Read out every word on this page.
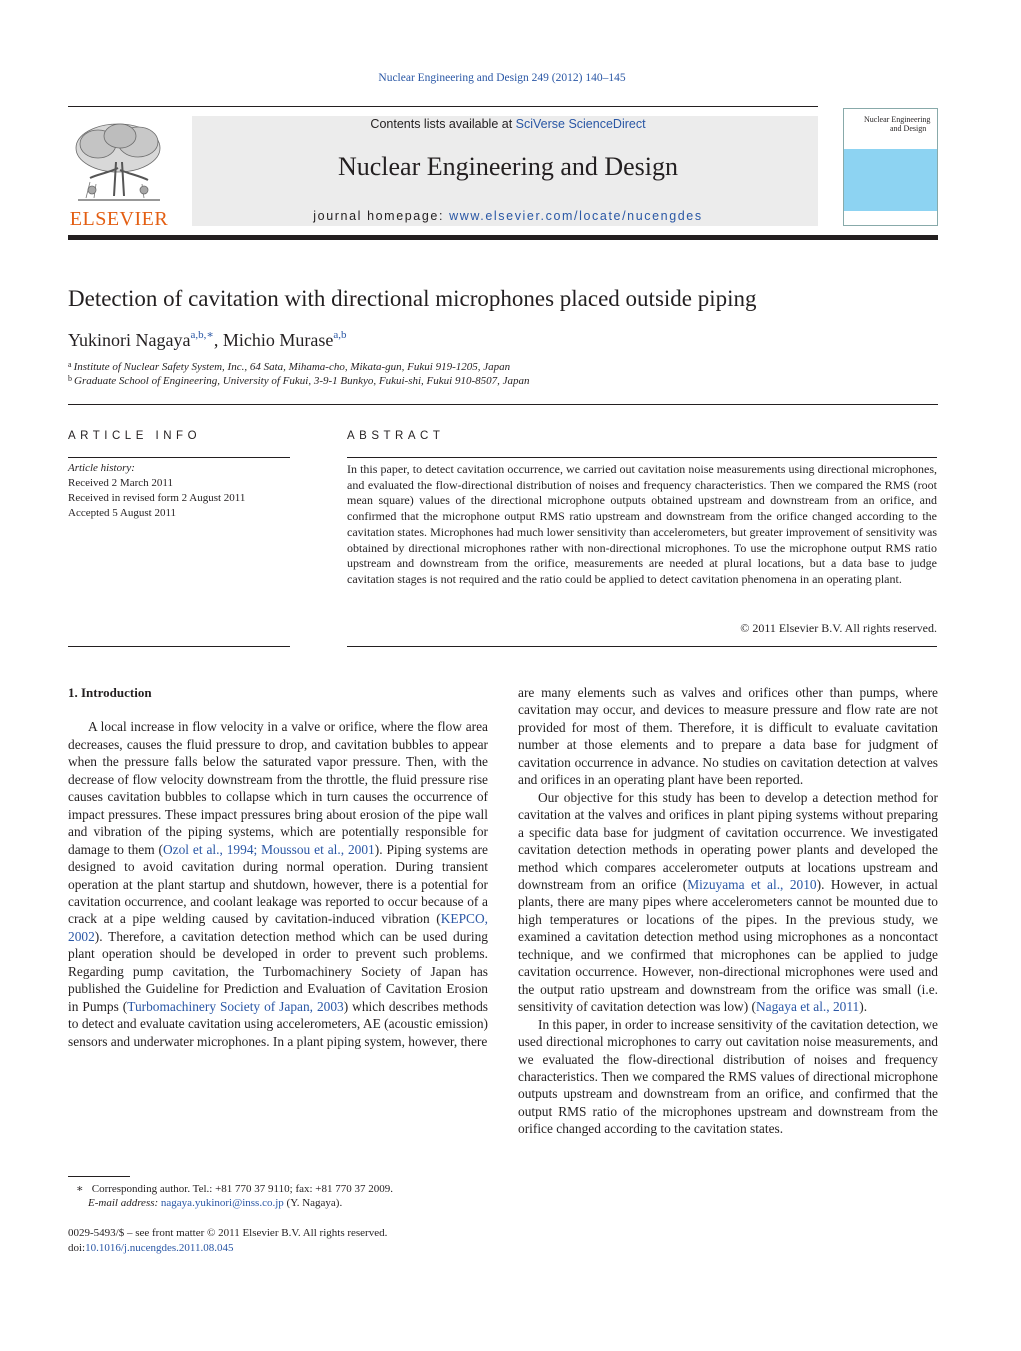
Nuclear Engineering and Design 249 (2012) 140–145
ELSEVIER
Contents lists available at SciVerse ScienceDirect
Nuclear Engineering and Design
journal homepage: www.elsevier.com/locate/nucengdes
Nuclear Engineering
and Design
Detection of cavitation with directional microphones placed outside piping
Yukinori Nagaya$^{a,b,∗}$, Michio Murase$^{a,b}$
$^a$ Institute of Nuclear Safety System, Inc., 64 Sata, Mihama-cho, Mikata-gun, Fukui 919-1205, Japan
$^b$ Graduate School of Engineering, University of Fukui, 3-9-1 Bunkyo, Fukui-shi, Fukui 910-8507, Japan
ARTICLE INFO
Article history:
Received 2 March 2011
Received in revised form 2 August 2011
Accepted 5 August 2011
ABSTRACT
In this paper, to detect cavitation occurrence, we carried out cavitation noise measurements using directional microphones, and evaluated the flow-directional distribution of noises and frequency characteristics. Then we compared the RMS (root mean square) values of the directional microphone outputs obtained upstream and downstream from an orifice, and confirmed that the microphone output RMS ratio upstream and downstream from the orifice changed according to the cavitation states. Microphones had much lower sensitivity than accelerometers, but greater improvement of sensitivity was obtained by directional microphones rather with non-directional microphones. To use the microphone output RMS ratio upstream and downstream from the orifice, measurements are needed at plural locations, but a data base to judge cavitation stages is not required and the ratio could be applied to detect cavitation phenomena in an operating plant.
© 2011 Elsevier B.V. All rights reserved.

1. Introduction

A local increase in flow velocity in a valve or orifice, where the flow area decreases, causes the fluid pressure to drop, and cavitation bubbles to appear when the pressure falls below the saturated vapor pressure. Then, with the decrease of flow velocity downstream from the throttle, the fluid pressure rise causes cavitation bubbles to collapse which in turn causes the occurrence of impact pressures. These impact pressures bring about erosion of the pipe wall and vibration of the piping systems, which are potentially responsible for damage to them (Ozol et al., 1994; Moussou et al., 2001). Piping systems are designed to avoid cavitation during normal operation. During transient operation at the plant startup and shutdown, however, there is a potential for cavitation occurrence, and coolant leakage was reported to occur because of a crack at a pipe welding caused by cavitation-induced vibration (KEPCO, 2002). Therefore, a cavitation detection method which can be used during plant operation should be developed in order to prevent such problems. Regarding pump cavitation, the Turbomachinery Society of Japan has published the Guideline for Prediction and Evaluation of Cavitation Erosion in Pumps (Turbomachinery Society of Japan, 2003) which describes methods to detect and evaluate cavitation using accelerometers, AE (acoustic emission) sensors and underwater microphones. In a plant piping system, however, there

are many elements such as valves and orifices other than pumps, where cavitation may occur, and devices to measure pressure and flow rate are not provided for most of them. Therefore, it is difficult to evaluate cavitation number at those elements and to prepare a data base for judgment of cavitation occurrence in advance. No studies on cavitation detection at valves and orifices in an operating plant have been reported.

Our objective for this study has been to develop a detection method for cavitation at the valves and orifices in plant piping systems without preparing a specific data base for judgment of cavitation occurrence. We investigated cavitation detection methods in operating power plants and developed the method which compares accelerometer outputs at locations upstream and downstream from an orifice (Mizuyama et al., 2010). However, in actual plants, there are many pipes where accelerometers cannot be mounted due to high temperatures or locations of the pipes. In the previous study, we examined a cavitation detection method using microphones as a noncontact technique, and we confirmed that microphones can be applied to judge cavitation occurrence. However, non-directional microphones were used and the output ratio upstream and downstream from the orifice was small (i.e. sensitivity of cavitation detection was low) (Nagaya et al., 2011).

In this paper, in order to increase sensitivity of the cavitation detection, we used directional microphones to carry out cavitation noise measurements, and we evaluated the flow-directional distribution of noises and frequency characteristics. Then we compared the RMS values of directional microphone outputs upstream and downstream from an orifice, and confirmed that the output RMS ratio of the microphones upstream and downstream from the orifice changed according to the cavitation states.

∗ Corresponding author. Tel.: +81 770 37 9110; fax: +81 770 37 2009.
E-mail address: nagaya.yukinori@inss.co.jp (Y. Nagaya).
0029-5493/$ – see front matter © 2011 Elsevier B.V. All rights reserved.
doi:10.1016/j.nucengdes.2011.08.045
